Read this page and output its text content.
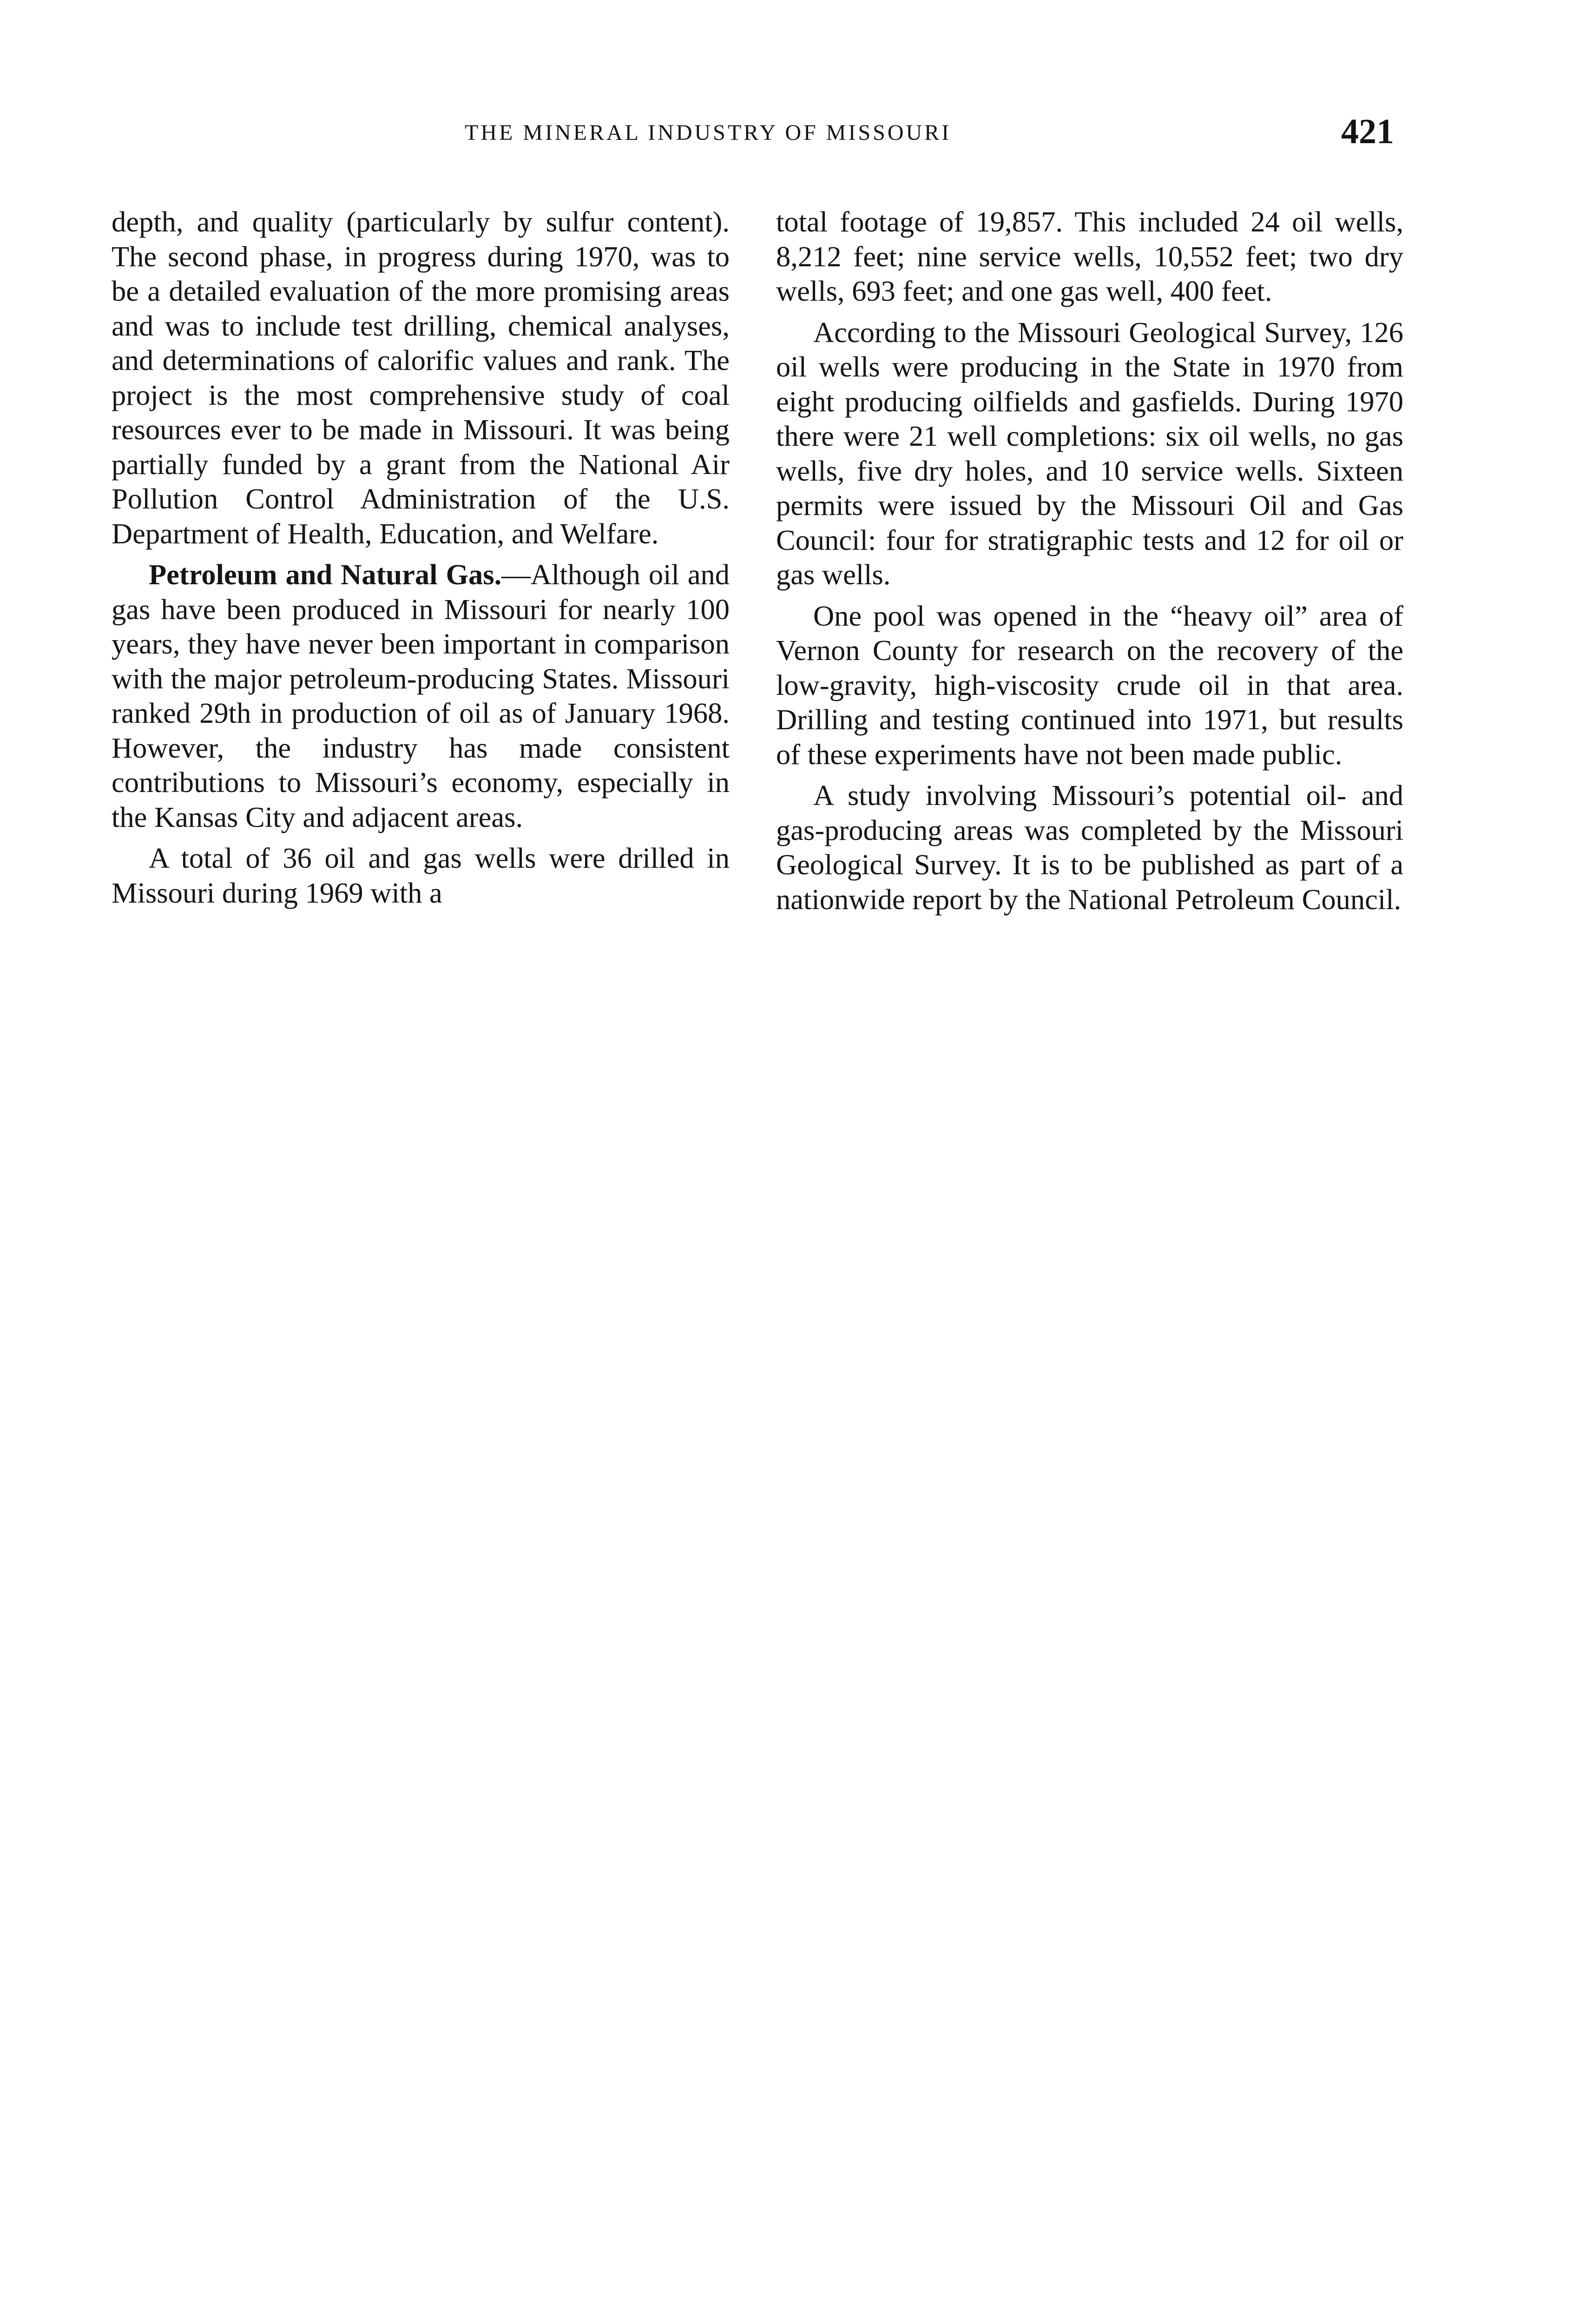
THE MINERAL INDUSTRY OF MISSOURI	421

depth, and quality (particularly by sulfur content). The second phase, in progress during 1970, was to be a detailed evaluation of the more promising areas and was to include test drilling, chemical analyses, and determinations of calorific values and rank. The project is the most comprehensive study of coal resources ever to be made in Missouri. It was being partially funded by a grant from the National Air Pollution Control Administration of the U.S. Department of Health, Education, and Welfare.

Petroleum and Natural Gas.—Although oil and gas have been produced in Missouri for nearly 100 years, they have never been important in comparison with the major petroleum-producing States. Missouri ranked 29th in production of oil as of January 1968. However, the industry has made consistent contributions to Missouri’s economy, especially in the Kansas City and adjacent areas.

A total of 36 oil and gas wells were drilled in Missouri during 1969 with a

total footage of 19,857. This included 24 oil wells, 8,212 feet; nine service wells, 10,552 feet; two dry wells, 693 feet; and one gas well, 400 feet.

According to the Missouri Geological Survey, 126 oil wells were producing in the State in 1970 from eight producing oilfields and gasfields. During 1970 there were 21 well completions: six oil wells, no gas wells, five dry holes, and 10 service wells. Sixteen permits were issued by the Missouri Oil and Gas Council: four for stratigraphic tests and 12 for oil or gas wells.

One pool was opened in the “heavy oil” area of Vernon County for research on the recovery of the low-gravity, high-viscosity crude oil in that area. Drilling and testing continued into 1971, but results of these experiments have not been made public.

A study involving Missouri’s potential oil- and gas-producing areas was completed by the Missouri Geological Survey. It is to be published as part of a nationwide report by the National Petroleum Council.
